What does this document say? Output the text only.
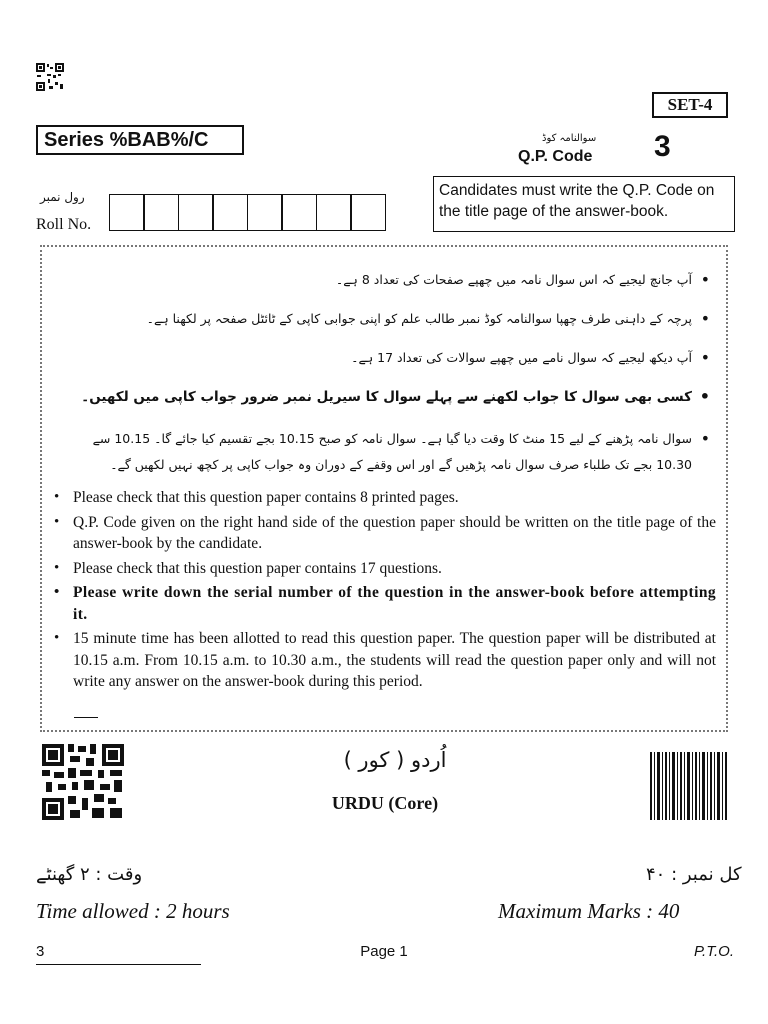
SET-4
Series %BAB%/C	سوالنامہ کوڈ
Q.P. Code 3
Candidates must write the Q.P. Code on the title page of the answer-book.
رول نمبر
Roll No.
• آپ جانچ لیجیے کہ اس سوال نامہ میں چھپے صفحات کی تعداد 8 ہے۔
• پرچہ کے داہنی طرف چھپا سوالنامہ کوڈ نمبر طالب علم کو اپنی جوابی کاپی کے ٹائٹل صفحہ پر لکھنا ہے۔
• آپ دیکھ لیجیے کہ سوال نامے میں چھپے سوالات کی تعداد 17 ہے۔
• کسی بھی سوال کا جواب لکھنے سے پہلے سوال کا سیریل نمبر ضرور جواب کاپی میں لکھیں۔
• سوال نامہ پڑھنے کے لیے 15 منٹ کا وقت دیا گیا ہے۔ سوال نامہ کو صبح 10.15 بجے تقسیم کیا جائے گا۔ 10.15 سے 10.30 بجے تک طلباء صرف سوال نامہ پڑھیں گے اور اس وقفے کے دوران وہ جواب کاپی پر کچھ نہیں لکھیں گے۔
• Please check that this question paper contains 8 printed pages.
• Q.P. Code given on the right hand side of the question paper should be written on the title page of the answer-book by the candidate.
• Please check that this question paper contains 17 questions.
• Please write down the serial number of the question in the answer-book before attempting it.
• 15 minute time has been allotted to read this question paper. The question paper will be distributed at 10.15 a.m. From 10.15 a.m. to 10.30 a.m., the students will read the question paper only and will not write any answer on the answer-book during this period.
اُردو ( کور )
URDU (Core)
وقت : ۲ گھنٹے	کل نمبر : ۴۰
Time allowed : 2 hours	Maximum Marks : 40
3	Page 1	P.T.O.
